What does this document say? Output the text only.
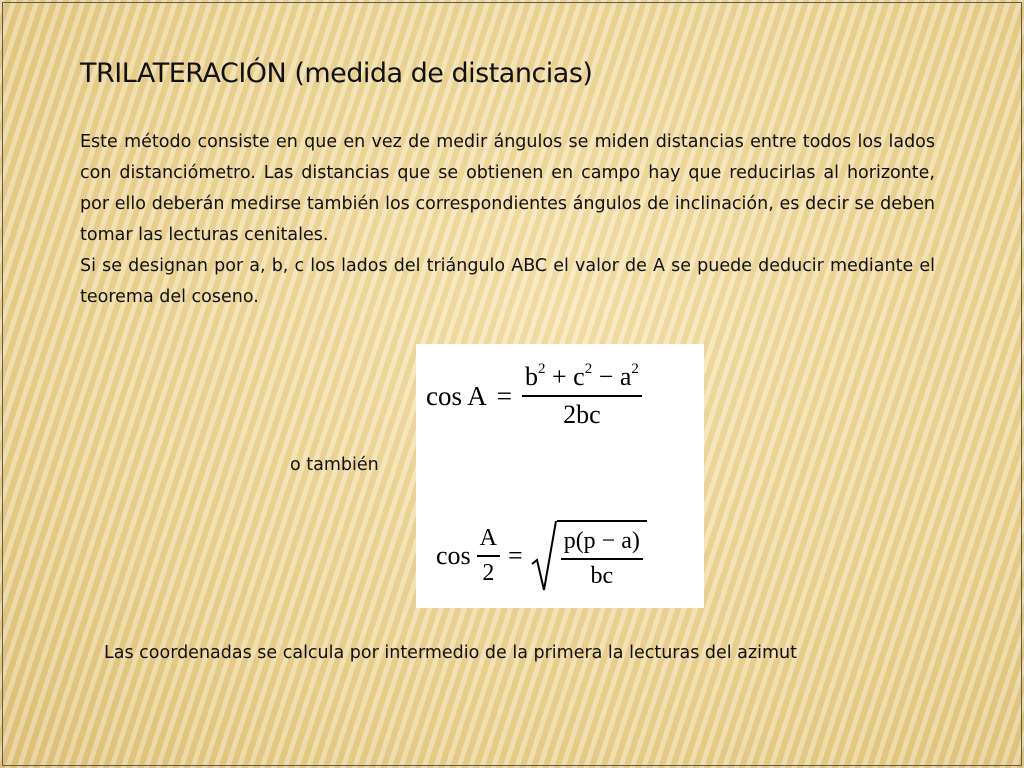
TRILATERACIÓN (medida de distancias)

Este método consiste en que en vez de medir ángulos se miden distancias entre todos los lados con distanciómetro. Las distancias que se obtienen en campo hay que reducirlas al horizonte, por ello deberán medirse también los correspondientes ángulos de inclinación, es decir se deben tomar las lecturas cenitales.

Si se designan por a, b, c los lados del triángulo ABC el valor de A se puede deducir mediante el teorema del coseno.

$\cos A = \frac{b^2 + c^2 - a^2}{2bc}$
$\cos \frac{A}{2} = \frac{p(p - a)}{bc}$
o también
Las coordenadas se calcula por intermedio de la primera la lecturas del azimut
